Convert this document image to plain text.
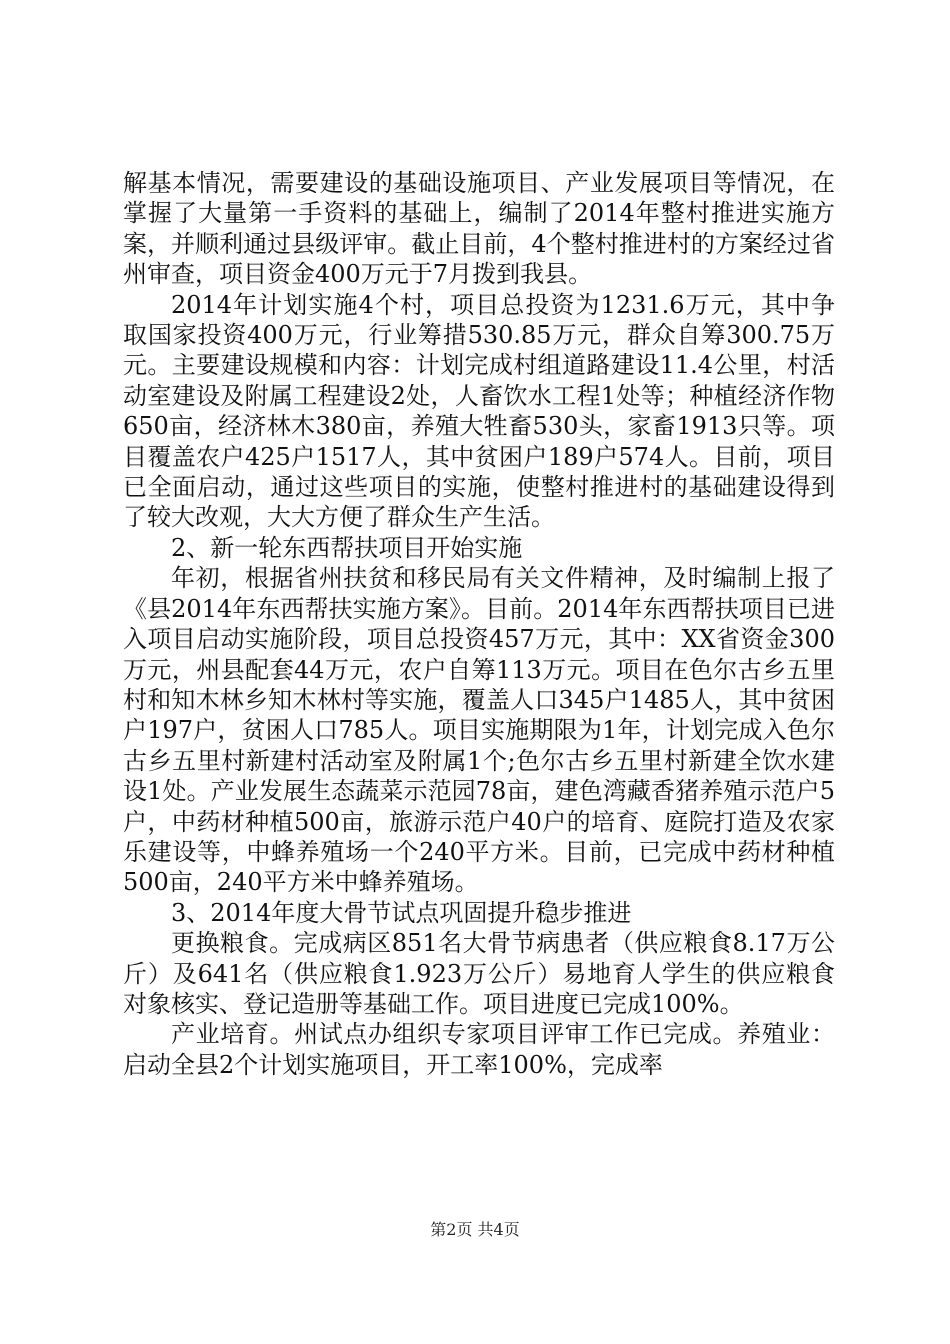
解基本情况，需要建设的基础设施项目、产业发展项目等情况，在掌握了大量第一手资料的基础上，编制了2014年整村推进实施方案，并顺利通过县级评审。截止目前，4个整村推进村的方案经过省州审查，项目资金400万元于7月拨到我县。

2014年计划实施4个村，项目总投资为1231.6万元，其中争取国家投资400万元，行业筹措530.85万元，群众自筹300.75万元。主要建设规模和内容：计划完成村组道路建设11.4公里，村活动室建设及附属工程建设2处，人畜饮水工程1处等；种植经济作物650亩，经济林木380亩，养殖大牲畜530头，家畜1913只等。项目覆盖农户425户1517人，其中贫困户189户574人。目前，项目已全面启动，通过这些项目的实施，使整村推进村的基础建设得到了较大改观，大大方便了群众生产生活。

2、新一轮东西帮扶项目开始实施

年初，根据省州扶贫和移民局有关文件精神，及时编制上报了《县2014年东西帮扶实施方案》。目前。2014年东西帮扶项目已进入项目启动实施阶段，项目总投资457万元，其中：XX省资金300万元，州县配套44万元，农户自筹113万元。项目在色尔古乡五里村和知木林乡知木林村等实施，覆盖人口345户1485人，其中贫困户197户，贫困人口785人。项目实施期限为1年，计划完成入色尔古乡五里村新建村活动室及附属1个;色尔古乡五里村新建全饮水建设1处。产业发展生态蔬菜示范园78亩，建色湾藏香猪养殖示范户5户，中药材种植500亩，旅游示范户40户的培育、庭院打造及农家乐建设等，中蜂养殖场一个240平方米。目前，已完成中药材种植500亩，240平方米中蜂养殖场。

3、2014年度大骨节试点巩固提升稳步推进

更换粮食。完成病区851名大骨节病患者（供应粮食8.17万公斤）及641名（供应粮食1.923万公斤）易地育人学生的供应粮食对象核实、登记造册等基础工作。项目进度已完成100%。

产业培育。州试点办组织专家项目评审工作已完成。养殖业：启动全县2个计划实施项目，开工率100%，完成率

第2页 共4页
